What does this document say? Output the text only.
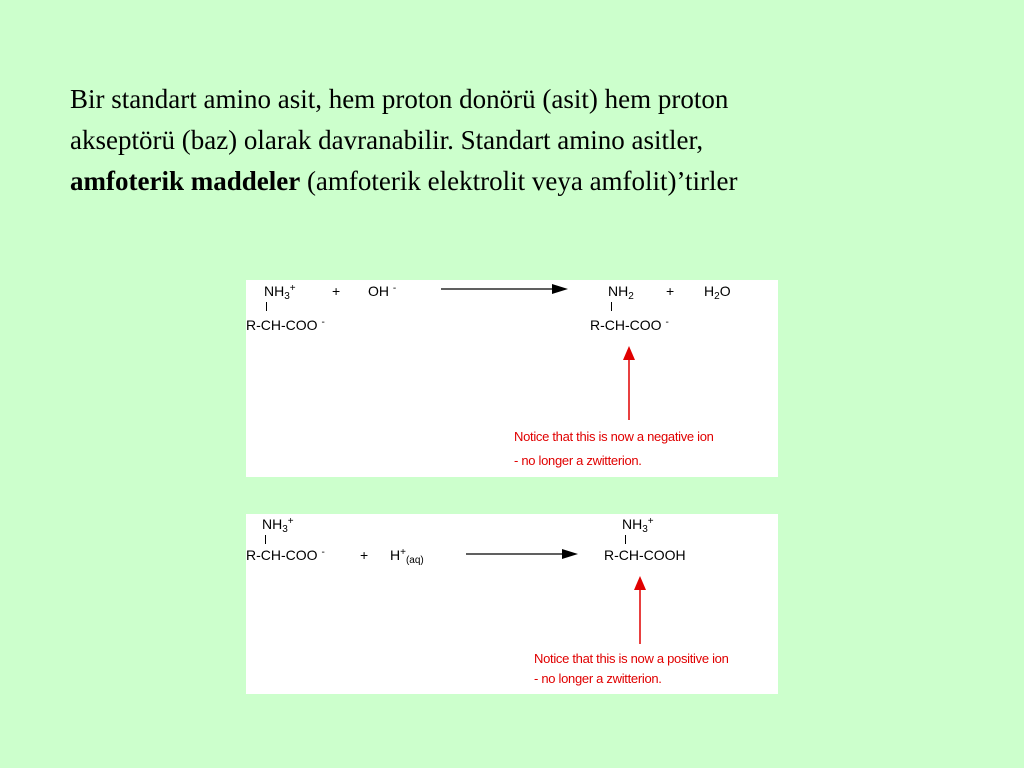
Bir standart amino asit, hem proton donörü (asit) hem proton
akseptörü (baz) olarak davranabilir. Standart amino asitler,
amfoterik maddeler (amfoterik elektrolit veya amfolit)’tirler

$NH_3^+$	+ OH -
R-CH-COO -
$NH_2 + H_2O$
R-CH-COO -
Notice that this is now a negative ion
- no longer a zwitterion.
$NH_3^+$
R-CH-COO -	+ $H^+_{(aq)}$
$NH_3^+$
R-CH-COOH
Notice that this is now a positive ion
- no longer a zwitterion.
